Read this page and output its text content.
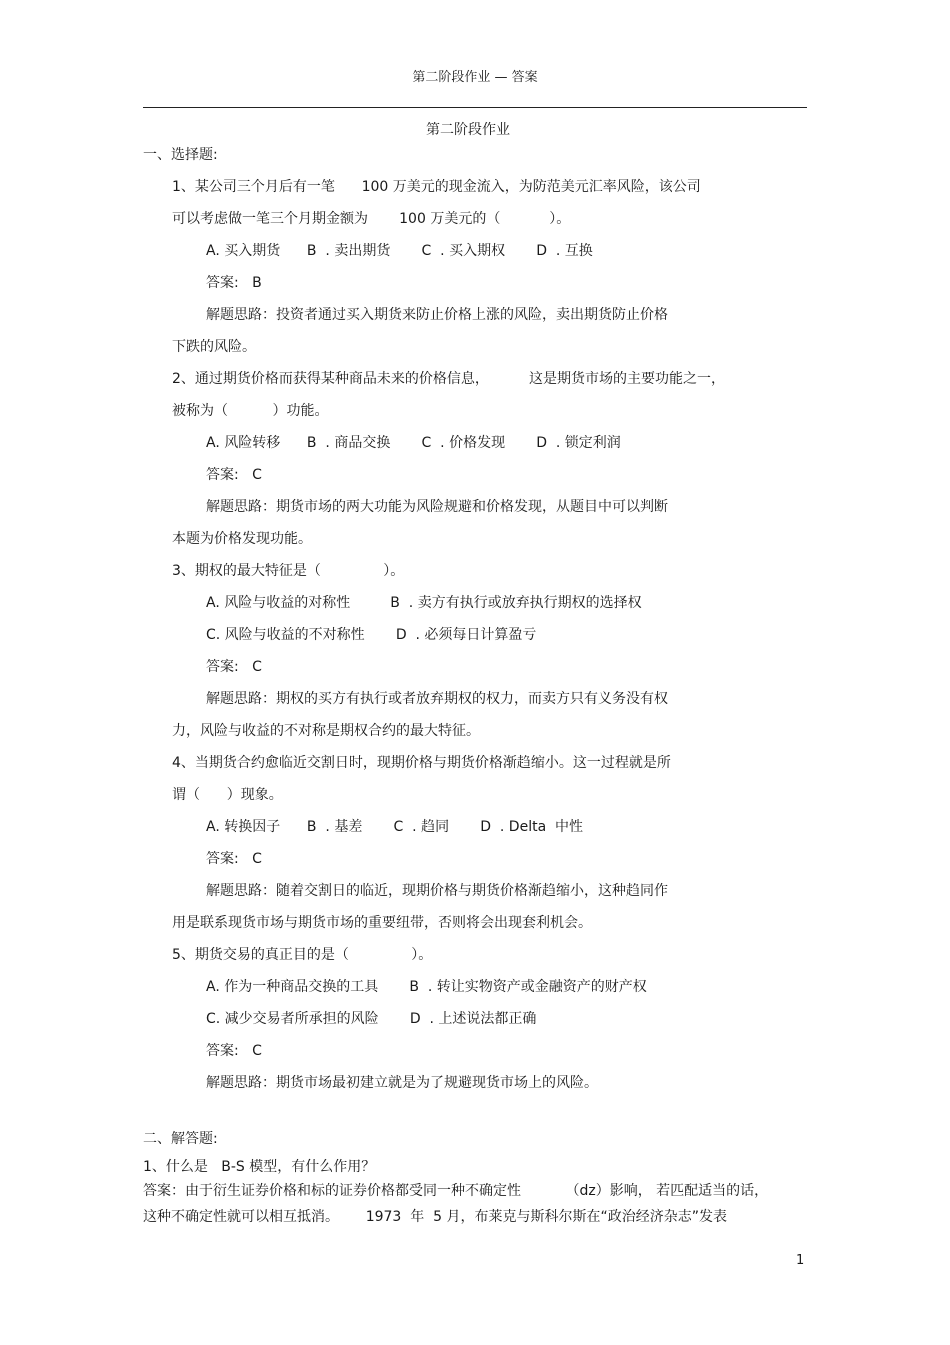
第二阶段作业 — 答案
第二阶段作业
一、选择题:
1、某公司三个月后有一笔      100 万美元的现金流入，为防范美元汇率风险，该公司
可以考虑做一笔三个月期金额为       100 万美元的（           ）。
A. 买入期货      B  . 卖出期货       C  . 买入期权       D  . 互换
答案:   B
解题思路：投资者通过买入期货来防止价格上涨的风险，卖出期货防止价格
下跌的风险。
2、通过期货价格而获得某种商品未来的价格信息，         这是期货市场的主要功能之一，
被称为（          ）功能。
A. 风险转移      B  . 商品交换       C  . 价格发现       D  . 锁定利润
答案:   C
解题思路：期货市场的两大功能为风险规避和价格发现，从题目中可以判断
本题为价格发现功能。
3、期权的最大特征是（              ）。
A. 风险与收益的对称性         B  . 卖方有执行或放弃执行期权的选择权
C. 风险与收益的不对称性       D  . 必须每日计算盈亏
答案:   C
解题思路：期权的买方有执行或者放弃期权的权力，而卖方只有义务没有权
力，风险与收益的不对称是期权合约的最大特征。
4、当期货合约愈临近交割日时，现期价格与期货价格渐趋缩小。这一过程就是所
谓（      ）现象。
A. 转换因子      B  . 基差       C  . 趋同       D  . Delta  中性
答案:   C
解题思路：随着交割日的临近，现期价格与期货价格渐趋缩小，这种趋同作
用是联系现货市场与期货市场的重要纽带，否则将会出现套利机会。
5、期货交易的真正目的是（              ）。
A. 作为一种商品交换的工具       B  . 转让实物资产或金融资产的财产权
C. 减少交易者所承担的风险       D  . 上述说法都正确
答案:   C
解题思路：期货市场最初建立就是为了规避现货市场上的风险。
二、解答题:
1、什么是   B-S 模型，有什么作用？
答案：由于衍生证券价格和标的证券价格都受同一种不确定性          （dz）影响， 若匹配适当的话，
这种不确定性就可以相互抵消。      1973  年  5 月，布莱克与斯科尔斯在“政治经济杂志”发表
1
